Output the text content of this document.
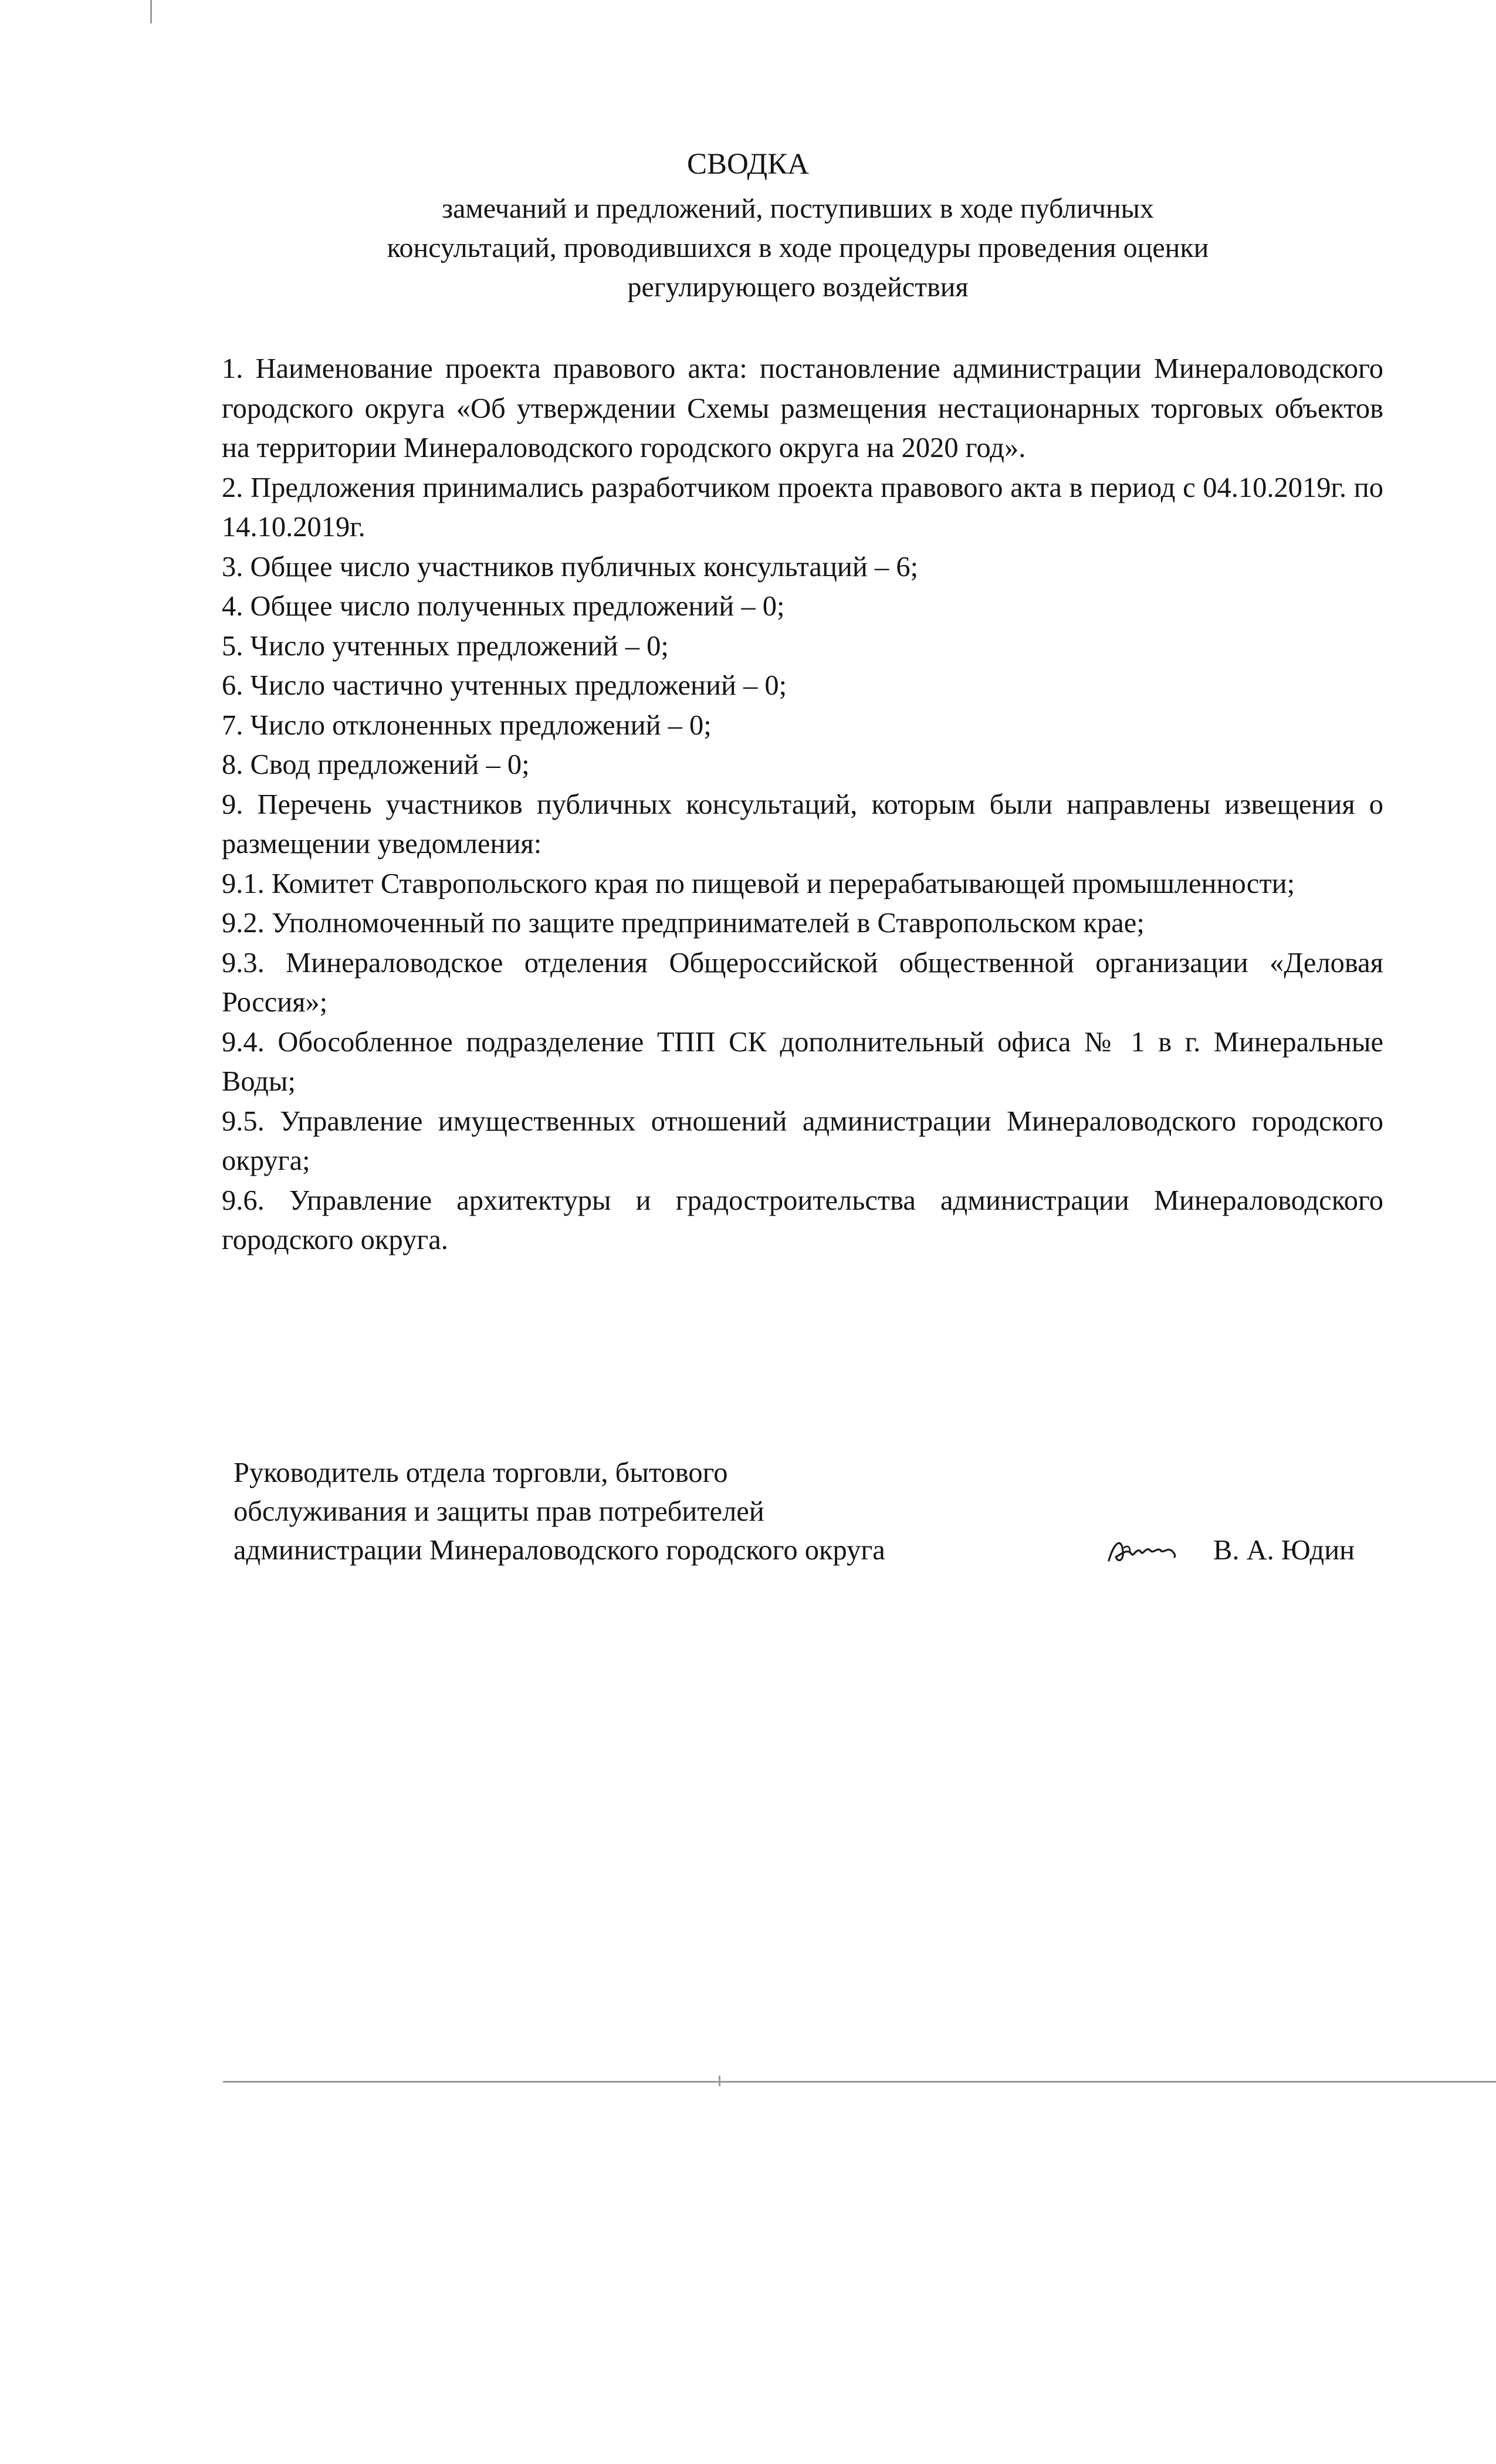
СВОДКА
замечаний и предложений, поступивших в ходе публичных
консультаций, проводившихся в ходе процедуры проведения оценки
регулирующего воздействия

1. Наименование проекта правового акта: постановление администрации Минераловодского городского округа «Об утверждении Схемы размещения нестационарных торговых объектов на территории Минераловодского городского округа на 2020 год».

2. Предложения принимались разработчиком проекта правового акта в период с 04.10.2019г. по 14.10.2019г.

3. Общее число участников публичных консультаций – 6;

4. Общее число полученных предложений – 0;

5. Число учтенных предложений – 0;

6. Число частично учтенных предложений – 0;

7. Число отклоненных предложений – 0;

8. Свод предложений – 0;

9. Перечень участников публичных консультаций, которым были направлены извещения о размещении уведомления:

9.1. Комитет Ставропольского края по пищевой и перерабатывающей промышленности;

9.2. Уполномоченный по защите предпринимателей в Ставропольском крае;

9.3. Минераловодское отделения Общероссийской общественной организации «Деловая Россия»;

9.4. Обособленное подразделение ТПП СК дополнительный офиса № 1 в г. Минеральные Воды;

9.5. Управление имущественных отношений администрации Минераловодского городского округа;

9.6. Управление архитектуры и градостроительства администрации Минераловодского городского округа.

Руководитель отдела торговли, бытового
обслуживания и защиты прав потребителей
администрации Минераловодского городского округа	В. А. Юдин
